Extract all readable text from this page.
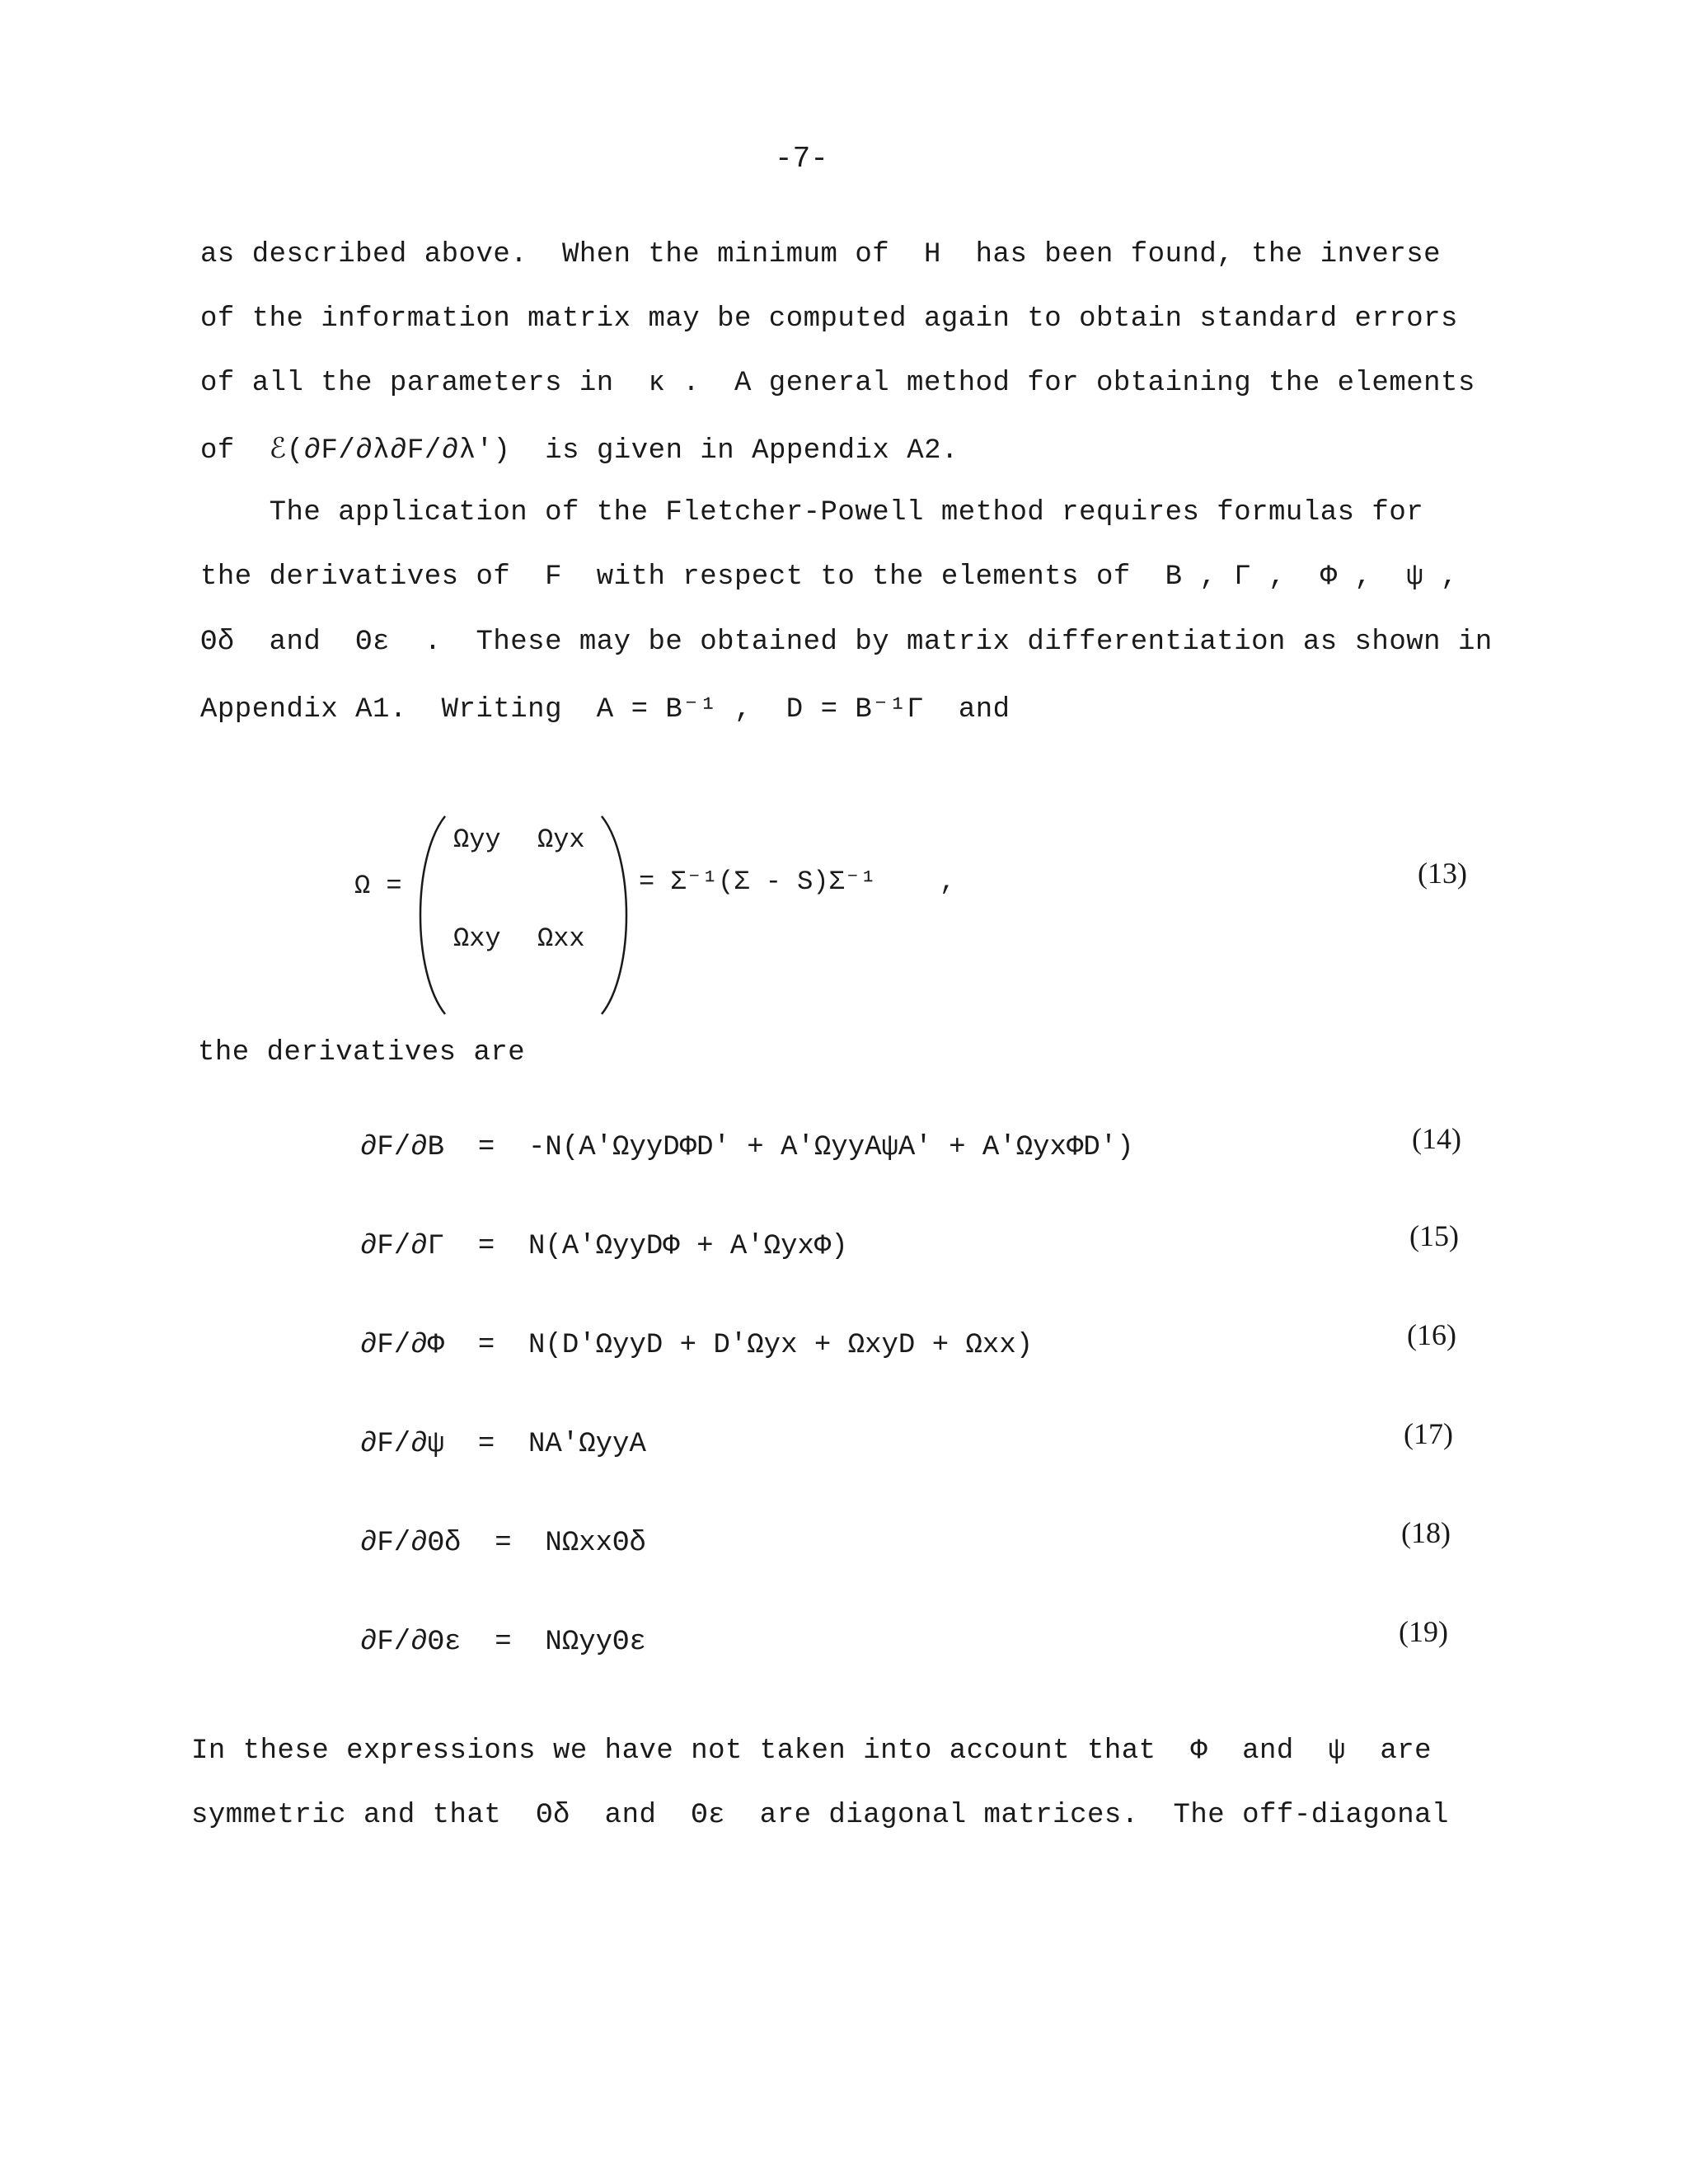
-7-
as described above.  When the minimum of  H  has been found, the inverse
of the information matrix may be computed again to obtain standard errors
of all the parameters in  κ .  A general method for obtaining the elements
of  ℰ(∂F/∂λ∂F/∂λ')  is given in Appendix A2.
The application of the Fletcher-Powell method requires formulas for
the derivatives of  F  with respect to the elements of  B , Γ ,  Φ ,  ψ ,
Θδ  and  Θε  .  These may be obtained by matrix differentiation as shown in
Appendix A1.  Writing  A = B⁻¹ ,  D = B⁻¹Γ  and
Ω =
Ωyy Ωyx
Ωxy Ωxx
= Σ⁻¹(Σ - S)Σ⁻¹    ,	(13)
the derivatives are
∂F/∂B  =  -N(A'ΩyyDΦD' + A'ΩyyAψA' + A'ΩyxΦD')	(14)
∂F/∂Γ  =  N(A'ΩyyDΦ + A'ΩyxΦ)	(15)
∂F/∂Φ  =  N(D'ΩyyD + D'Ωyx + ΩxyD + Ωxx)	(16)
∂F/∂ψ  =  NA'ΩyyA	(17)
∂F/∂Θδ  =  NΩxxΘδ	(18)
∂F/∂Θε  =  NΩyyΘε	(19)
In these expressions we have not taken into account that  Φ  and  ψ  are
symmetric and that  Θδ  and  Θε  are diagonal matrices.  The off-diagonal
